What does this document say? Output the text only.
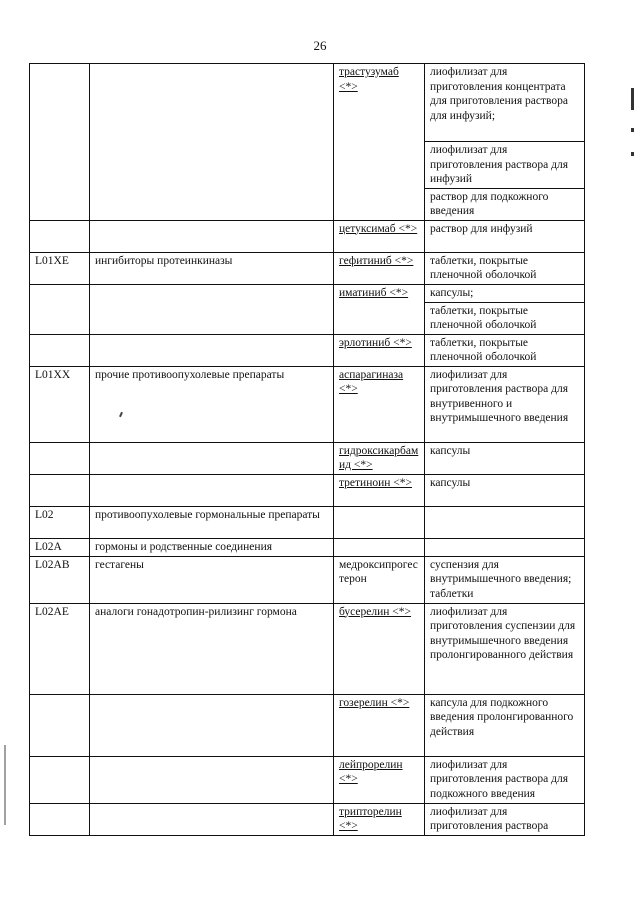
26
		трастузумаб <*>	лиофилизат для приготовления концентрата для приготовления раствора для инфузий;
			лиофилизат для приготовления раствора для инфузий
			раствор для подкожного введения
		цетуксимаб <*>	раствор для инфузий
L01XE	ингибиторы протеинкиназы	гефитиниб <*>	таблетки, покрытые пленочной оболочкой
		иматиниб <*>	капсулы;
			таблетки, покрытые пленочной оболочкой
		эрлотиниб <*>	таблетки, покрытые пленочной оболочкой
L01XX	прочие противоопухолевые препараты	аспарагиназа <*>	лиофилизат для приготовления раствора для внутривенного и внутримышечного введения
		гидроксикарбамид <*>	капсулы
		третиноин <*>	капсулы
L02	противоопухолевые гормональные препараты		
L02A	гормоны и родственные соединения		
L02AB	гестагены	медроксипрогестерон	суспензия для внутримышечного введения; таблетки
L02AE	аналоги гонадотропин-рилизинг гормона	бусерелин <*>	лиофилизат для приготовления суспензии для внутримышечного введения пролонгированного действия
		гозерелин <*>	капсула для подкожного введения пролонгированного действия
		лейпрорелин <*>	лиофилизат для приготовления раствора для подкожного введения
		трипторелин <*>	лиофилизат для приготовления раствора
